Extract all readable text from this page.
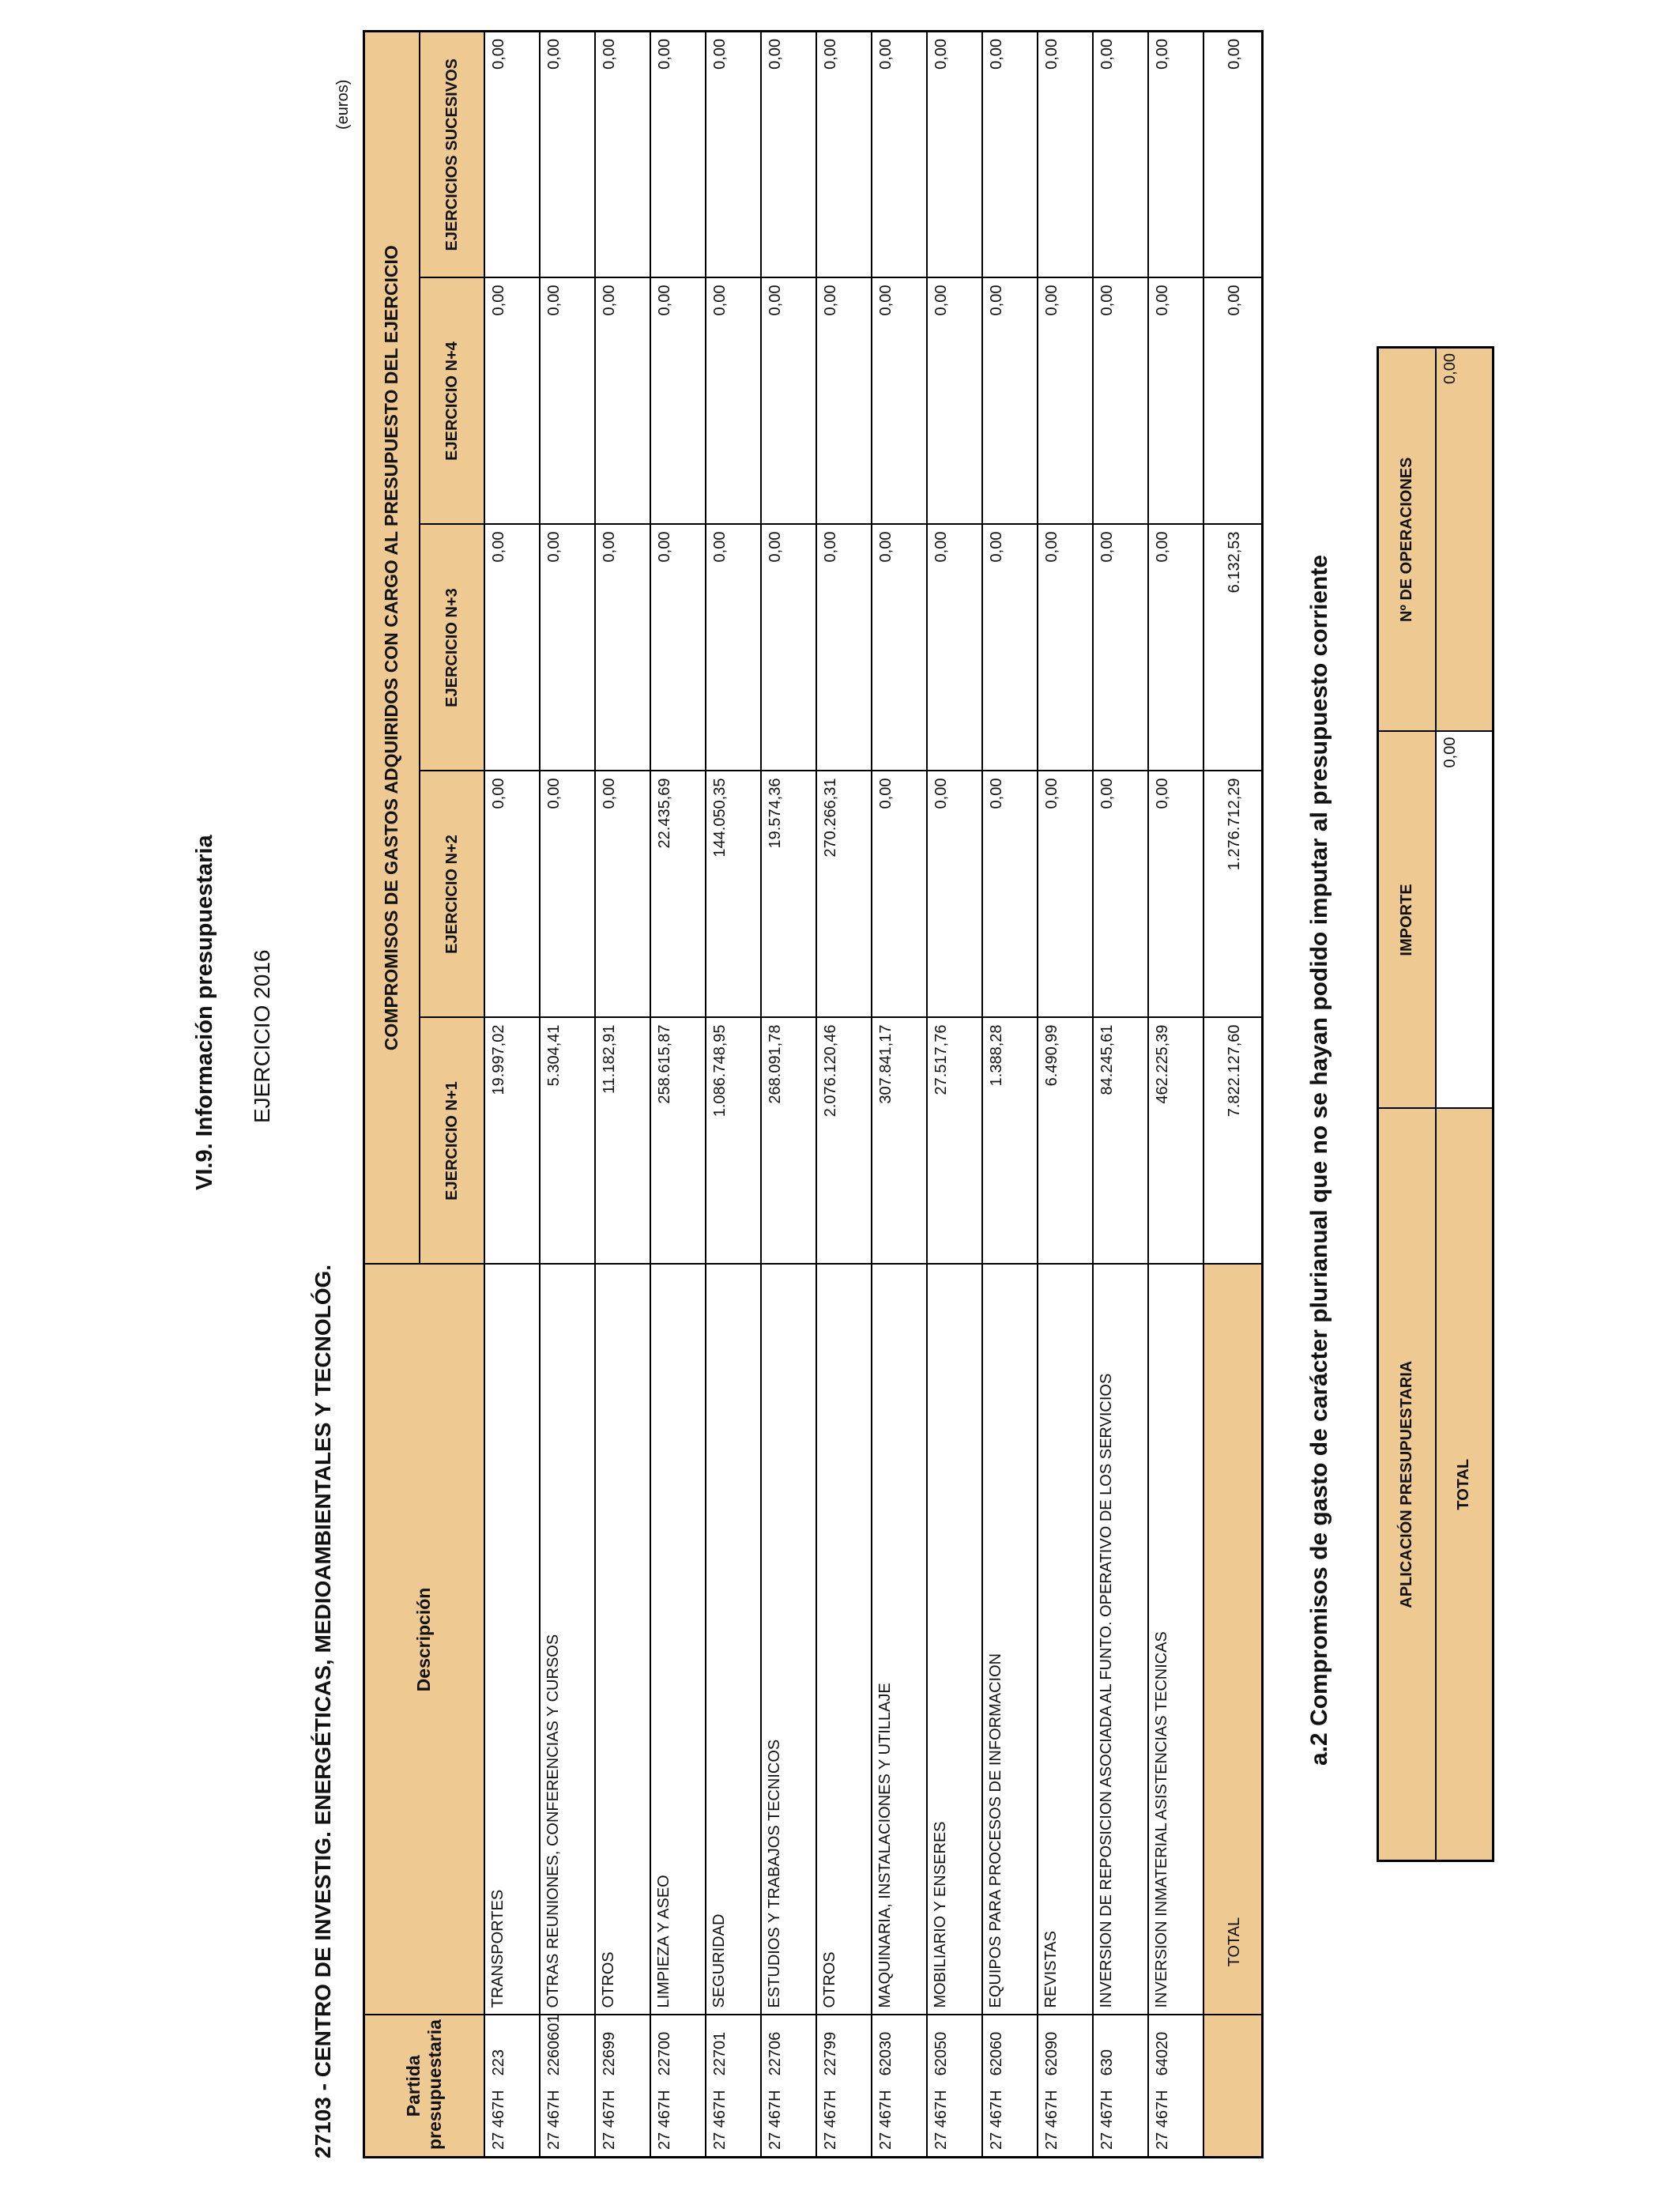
VI.9. Información presupuestaria EJERCICIO 2016
27103 - CENTRO DE INVESTIG. ENERGÉTICAS, MEDIOAMBIENTALES Y TECNOLÓG.
(euros)
Partida presupuestaria	Descripción	COMPROMISOS DE GASTOS ADQUIRIDOS CON CARGO AL PRESUPUESTO DEL EJERCICIO				
		EJERCICIO N+1	EJERCICIO N+2	EJERCICIO N+3	EJERCICIO N+4	EJERCICIOS SUCESIVOS
27 467H223	TRANSPORTES	19.997,02	0,00	0,00	0,00	0,00
27 467H2260601	OTRAS REUNIONES, CONFERENCIAS Y CURSOS	5.304,41	0,00	0,00	0,00	0,00
27 467H22699	OTROS	11.182,91	0,00	0,00	0,00	0,00
27 467H22700	LIMPIEZA Y ASEO	258.615,87	22.435,69	0,00	0,00	0,00
27 467H22701	SEGURIDAD	1.086.748,95	144.050,35	0,00	0,00	0,00
27 467H22706	ESTUDIOS Y TRABAJOS TECNICOS	268.091,78	19.574,36	0,00	0,00	0,00
27 467H22799	OTROS	2.076.120,46	270.266,31	0,00	0,00	0,00
27 467H62030	MAQUINARIA, INSTALACIONES Y UTILLAJE	307.841,17	0,00	0,00	0,00	0,00
27 467H62050	MOBILIARIO Y ENSERES	27.517,76	0,00	0,00	0,00	0,00
27 467H62060	EQUIPOS PARA PROCESOS DE INFORMACION	1.388,28	0,00	0,00	0,00	0,00
27 467H62090	REVISTAS	6.490,99	0,00	0,00	0,00	0,00
27 467H630	INVERSION DE REPOSICION ASOCIADA AL FUNTO. OPERATIVO DE LOS SERVICIOS	84.245,61	0,00	0,00	0,00	0,00
27 467H64020	INVERSION INMATERIAL ASISTENCIAS TECNICAS	462.225,39	0,00	0,00	0,00	0,00
	TOTAL	7.822.127,60	1.276.712,29	6.132,53	0,00	0,00
a.2 Compromisos de gasto de carácter plurianual que no se hayan podido imputar al presupuesto corriente	APLICACIÓN PRESUPUESTARIA	IMPORTE	Nº DE OPERACIONES
TOTAL	0,00	0,00
